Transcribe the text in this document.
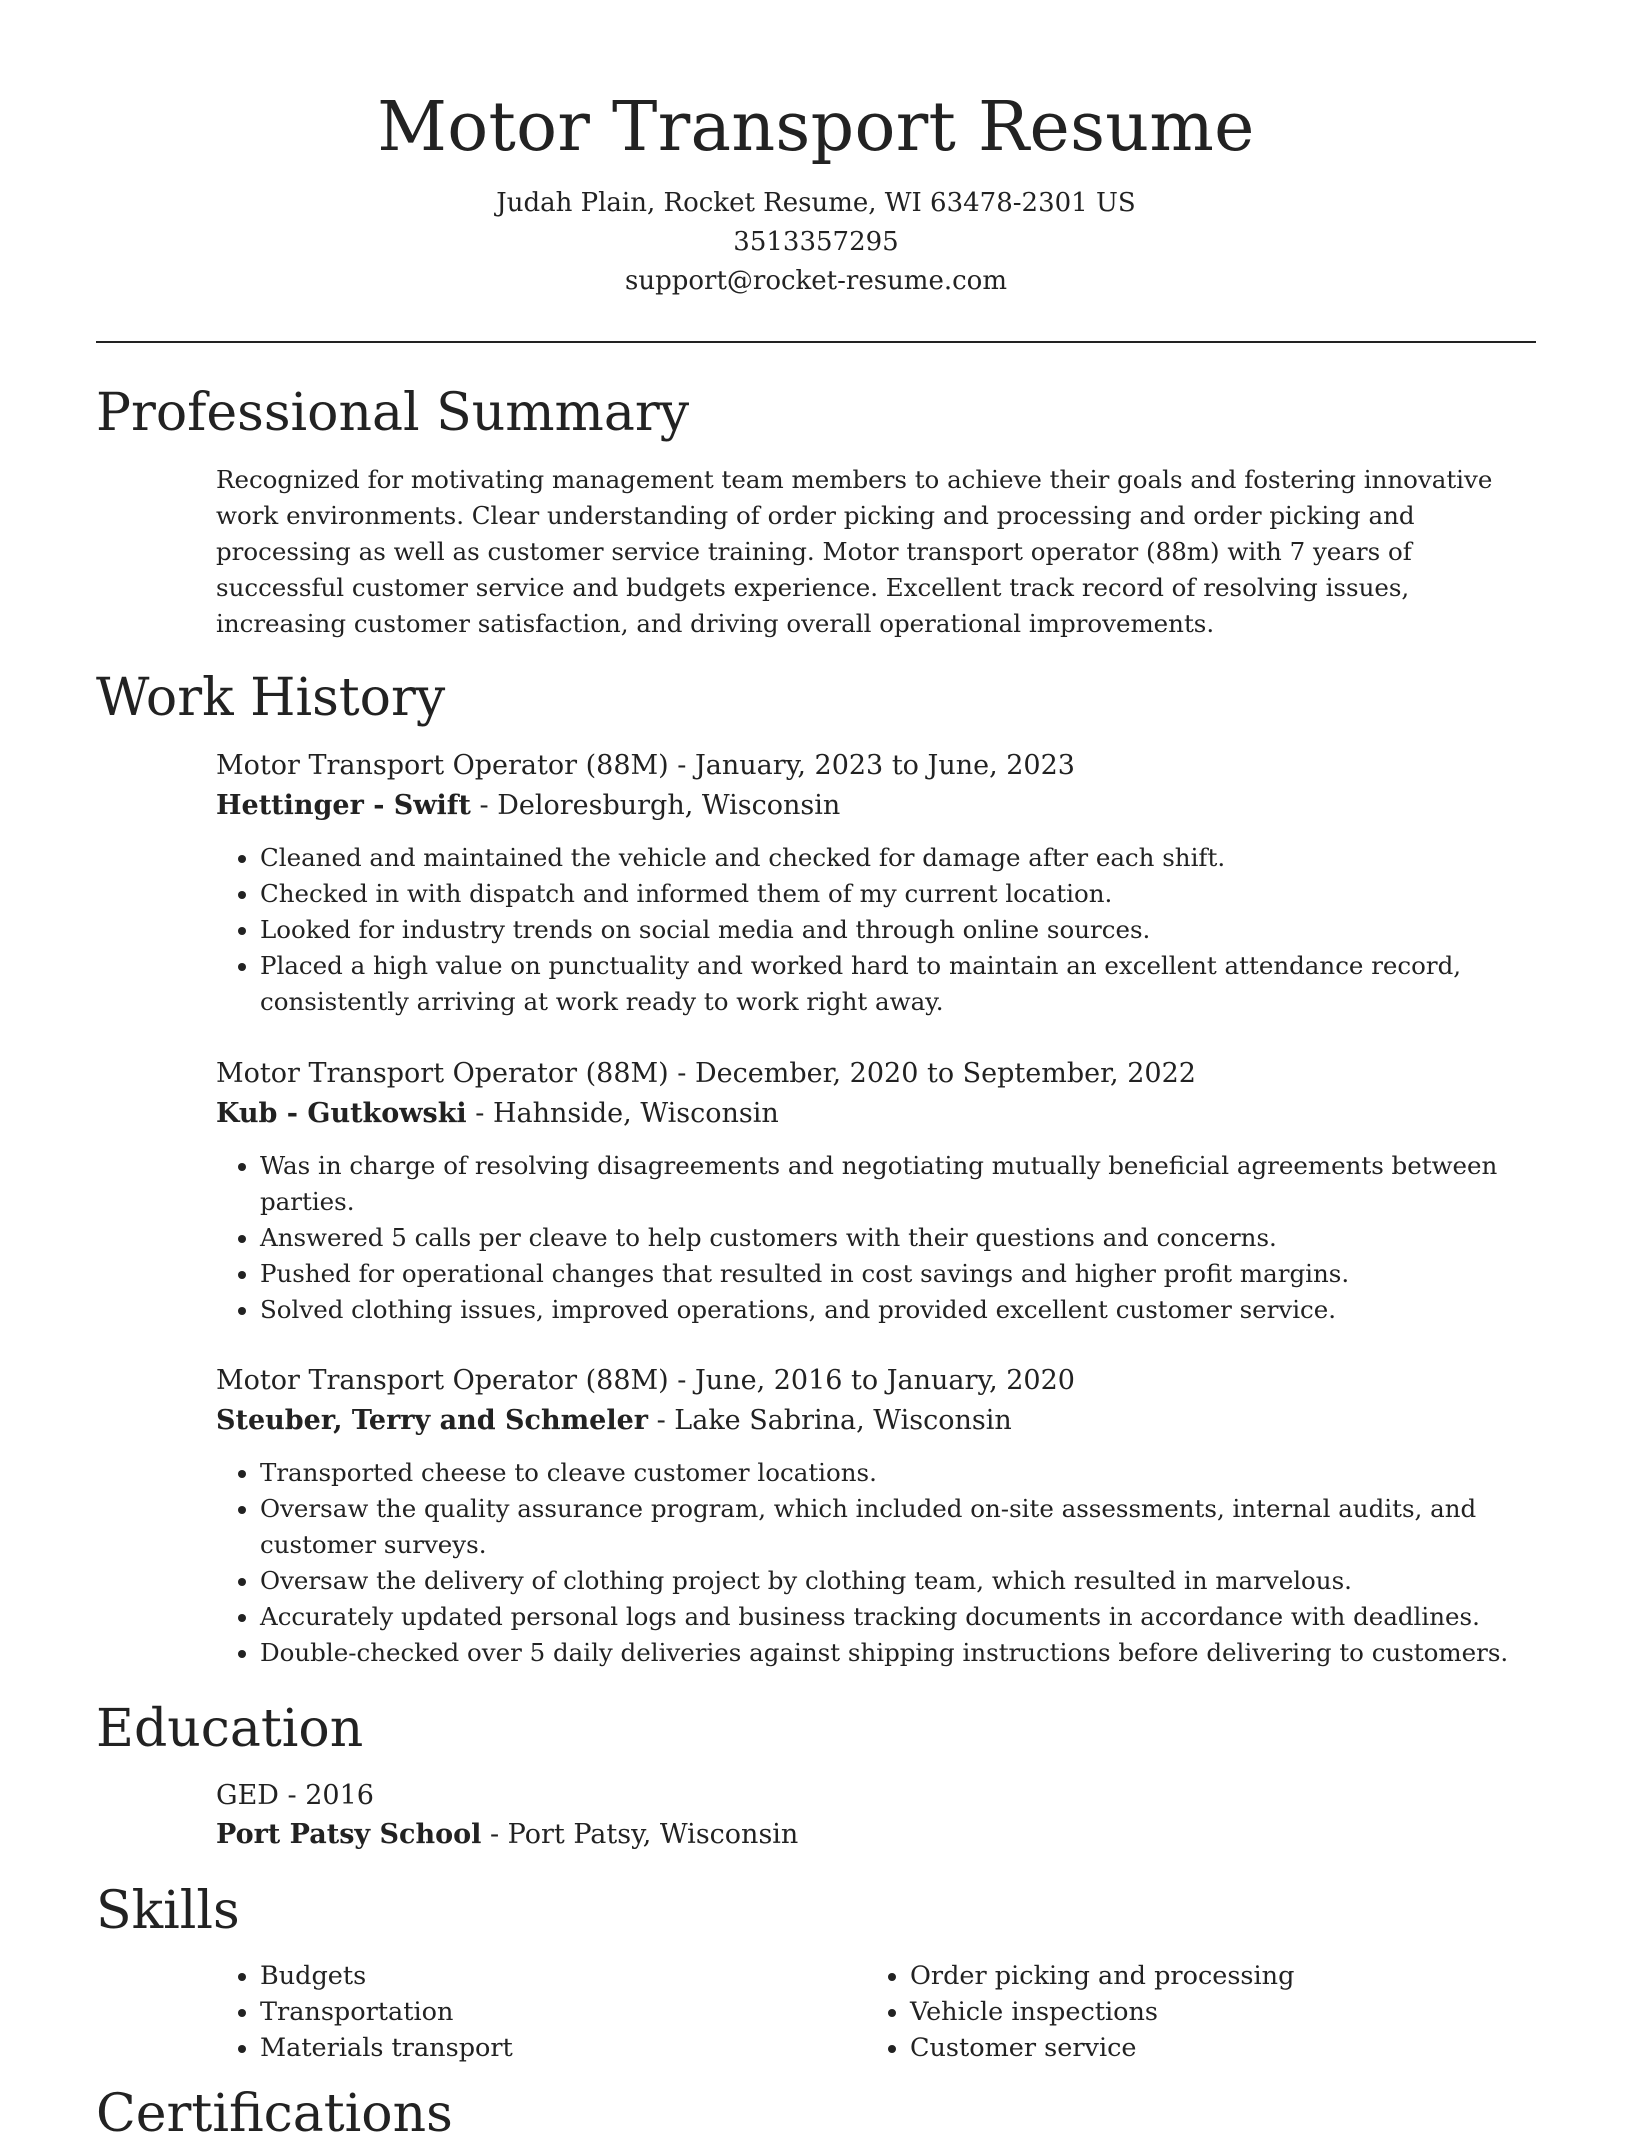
Motor Transport Resume
Judah Plain, Rocket Resume, WI 63478-2301 US
3513357295
support@rocket-resume.com
Professional Summary

Recognized for motivating management team members to achieve their goals and fostering innovative work environments. Clear understanding of order picking and processing and order picking and processing as well as customer service training. Motor transport operator (88m) with 7 years of successful customer service and budgets experience. Excellent track record of resolving issues, increasing customer satisfaction, and driving overall operational improvements.

Work History
Motor Transport Operator (88M) - January, 2023 to June, 2023
Hettinger - Swift - Deloresburgh, Wisconsin
• Cleaned and maintained the vehicle and checked for damage after each shift.
• Checked in with dispatch and informed them of my current location.
• Looked for industry trends on social media and through online sources.
• Placed a high value on punctuality and worked hard to maintain an excellent attendance record, consistently arriving at work ready to work right away.
Motor Transport Operator (88M) - December, 2020 to September, 2022
Kub - Gutkowski - Hahnside, Wisconsin
• Was in charge of resolving disagreements and negotiating mutually beneficial agreements between parties.
• Answered 5 calls per cleave to help customers with their questions and concerns.
• Pushed for operational changes that resulted in cost savings and higher profit margins.
• Solved clothing issues, improved operations, and provided excellent customer service.
Motor Transport Operator (88M) - June, 2016 to January, 2020
Steuber, Terry and Schmeler - Lake Sabrina, Wisconsin
• Transported cheese to cleave customer locations.
• Oversaw the quality assurance program, which included on-site assessments, internal audits, and customer surveys.
• Oversaw the delivery of clothing project by clothing team, which resulted in marvelous.
• Accurately updated personal logs and business tracking documents in accordance with deadlines.
• Double-checked over 5 daily deliveries against shipping instructions before delivering to customers.
Education
GED - 2016
Port Patsy School - Port Patsy, Wisconsin
Skills
• Budgets
• Transportation
• Materials transport
• Order picking and processing
• Vehicle inspections
• Customer service
Certifications
